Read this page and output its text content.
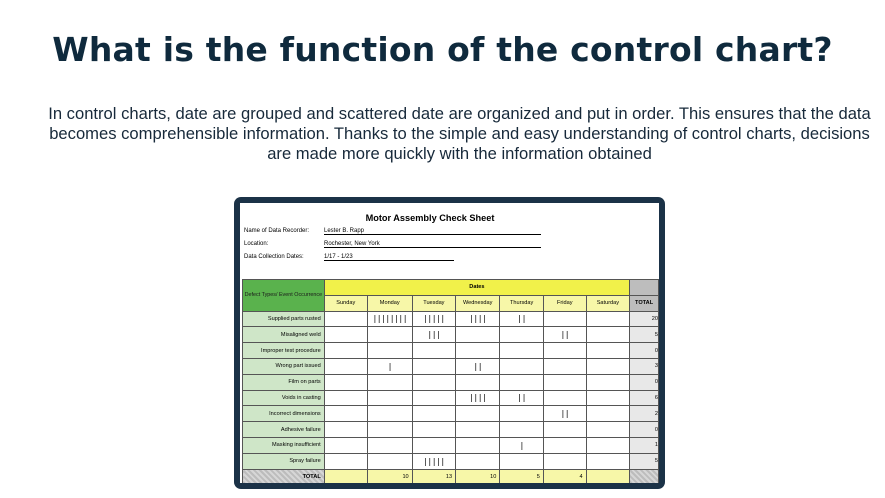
What is the function of the control chart?
In control charts, date are grouped and scattered date are organized and put in order. This ensures that the data becomes comprehensible information. Thanks to the simple and easy understanding of control charts, decisions are made more quickly with the information obtained
Motor Assembly Check Sheet
Name of Data Recorder: Lester B. Rapp
Location:	Rochester, New York
Data Collection Dates:	1/17 - 1/23
Defect Types/ Event Occurrence	Dates							
	Sunday	Monday	Tuesday	Wednesday	Thursday	Friday	Saturday	TOTAL
Supplied parts rusted		||||||||	|||||	||||	||			20
Misaligned weld			|||			||		5
Improper test procedure								0
Wrong part issued		|		||				3
Film on parts								0
Voids in casting				||||	||			6
Incorrect dimensions						||		2
Adhesive failure								0
Masking insufficient					|			1
Spray failure			|||||					5
TOTAL		10	13	10	5	4		
